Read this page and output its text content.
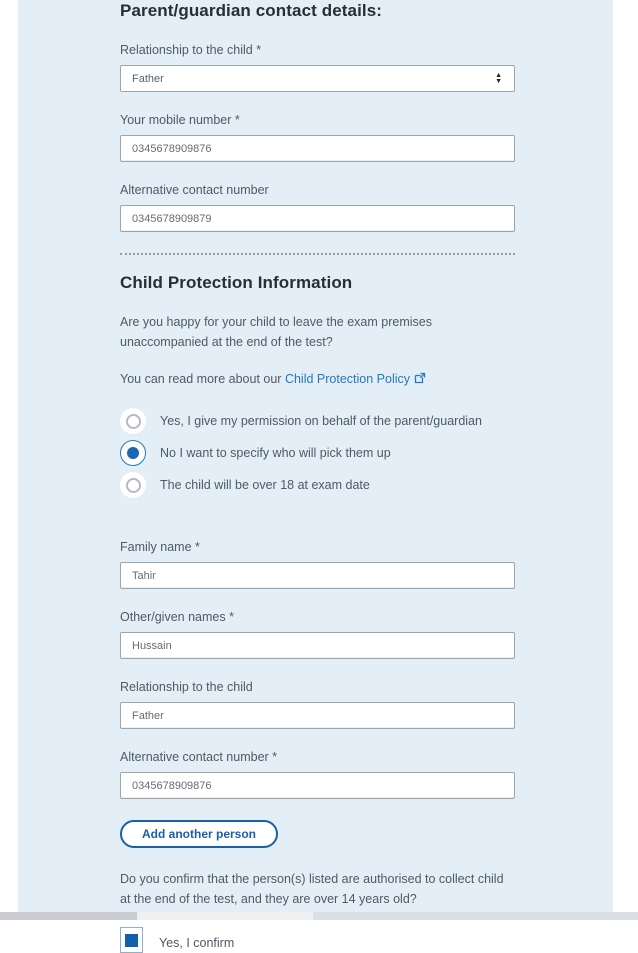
Parent/guardian contact details:
Relationship to the child *
Father	▲
▼
Your mobile number *
0345678909876
Alternative contact number
0345678909879
Child Protection Information

Are you happy for your child to leave the exam premises unaccompanied at the end of the test?

You can read more about our Child Protection Policy

Yes, I give my permission on behalf of the parent/guardian
No I want to specify who will pick them up
The child will be over 18 at exam date
Family name *
Tahir
Other/given names *
Hussain
Relationship to the child
Father
Alternative contact number *
0345678909876
Add another person

Do you confirm that the person(s) listed are authorised to collect child at the end of the test, and they are over 14 years old?

Yes, I confirm
